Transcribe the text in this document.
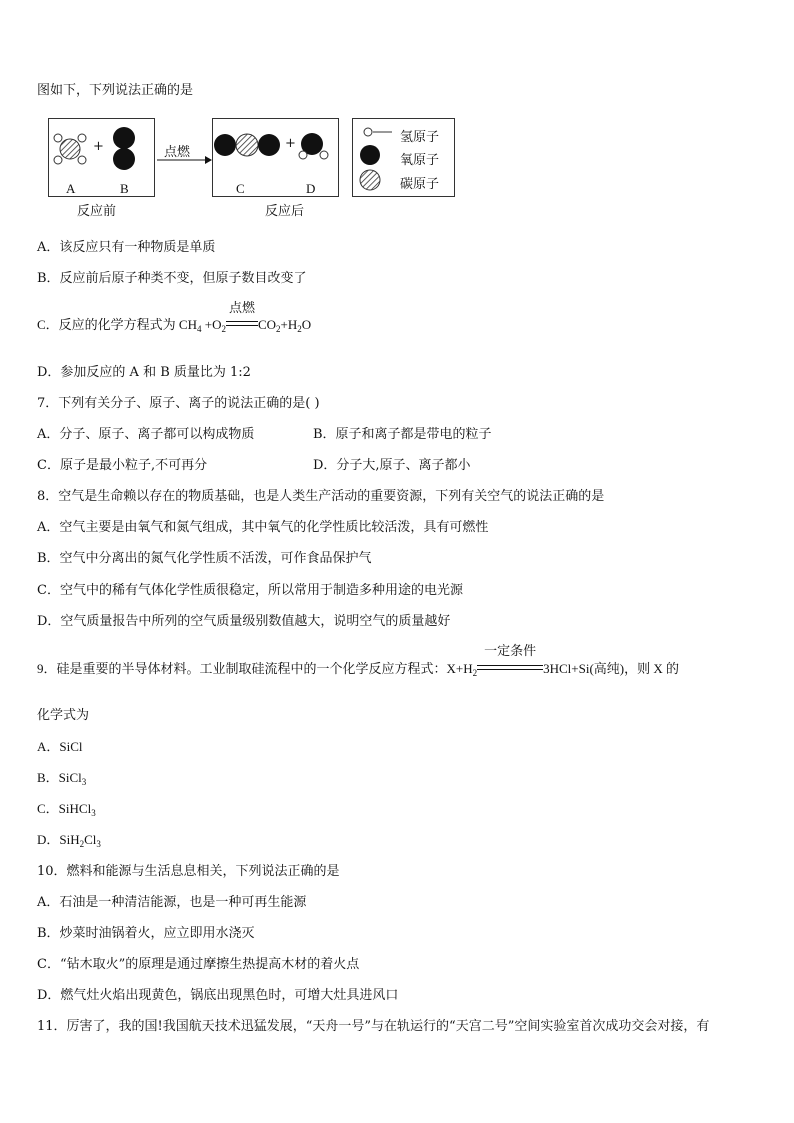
图如下，下列说法正确的是
+
A	B
反应前
点燃
+
C	D
反应后
氢原子
氧原子
碳原子
A．该反应只有一种物质是单质
B．反应前后原子种类不变，但原子数目改变了
C．反应的化学方程式为 $CH_4 +O_2$
点燃
$CO_2+H_2O$
D．参加反应的 A 和 B 质量比为 1:2
7．下列有关分子、原子、离子的说法正确的是( )
A．分子、原子、离子都可以构成物质	B．原子和离子都是带电的粒子
C．原子是最小粒子,不可再分	D．分子大,原子、离子都小
8．空气是生命赖以存在的物质基础，也是人类生产活动的重要资源，下列有关空气的说法正确的是
A．空气主要是由氧气和氮气组成，其中氧气的化学性质比较活泼，具有可燃性
B．空气中分离出的氮气化学性质不活泼，可作食品保护气
C．空气中的稀有气体化学性质很稳定，所以常用于制造多种用途的电光源
D．空气质量报告中所列的空气质量级别数值越大，说明空气的质量越好
9．硅是重要的半导体材料。工业制取硅流程中的一个化学反应方程式：$X+H_2$
一定条件
3HCl+Si(高纯)，则 X 的
化学式为
A．SiCl
B．SiCl$_3$
C．SiHCl$_3$
D．$SiH_2Cl_3$
10．燃料和能源与生活息息相关，下列说法正确的是
A．石油是一种清洁能源，也是一种可再生能源
B．炒菜时油锅着火，应立即用水浇灭
C．“钻木取火”的原理是通过摩擦生热提高木材的着火点
D．燃气灶火焰出现黄色，锅底出现黑色时，可增大灶具进风口
11．厉害了，我的国!我国航天技术迅猛发展，“天舟一号”与在轨运行的“天宫二号”空间实验室首次成功交会对接，有
